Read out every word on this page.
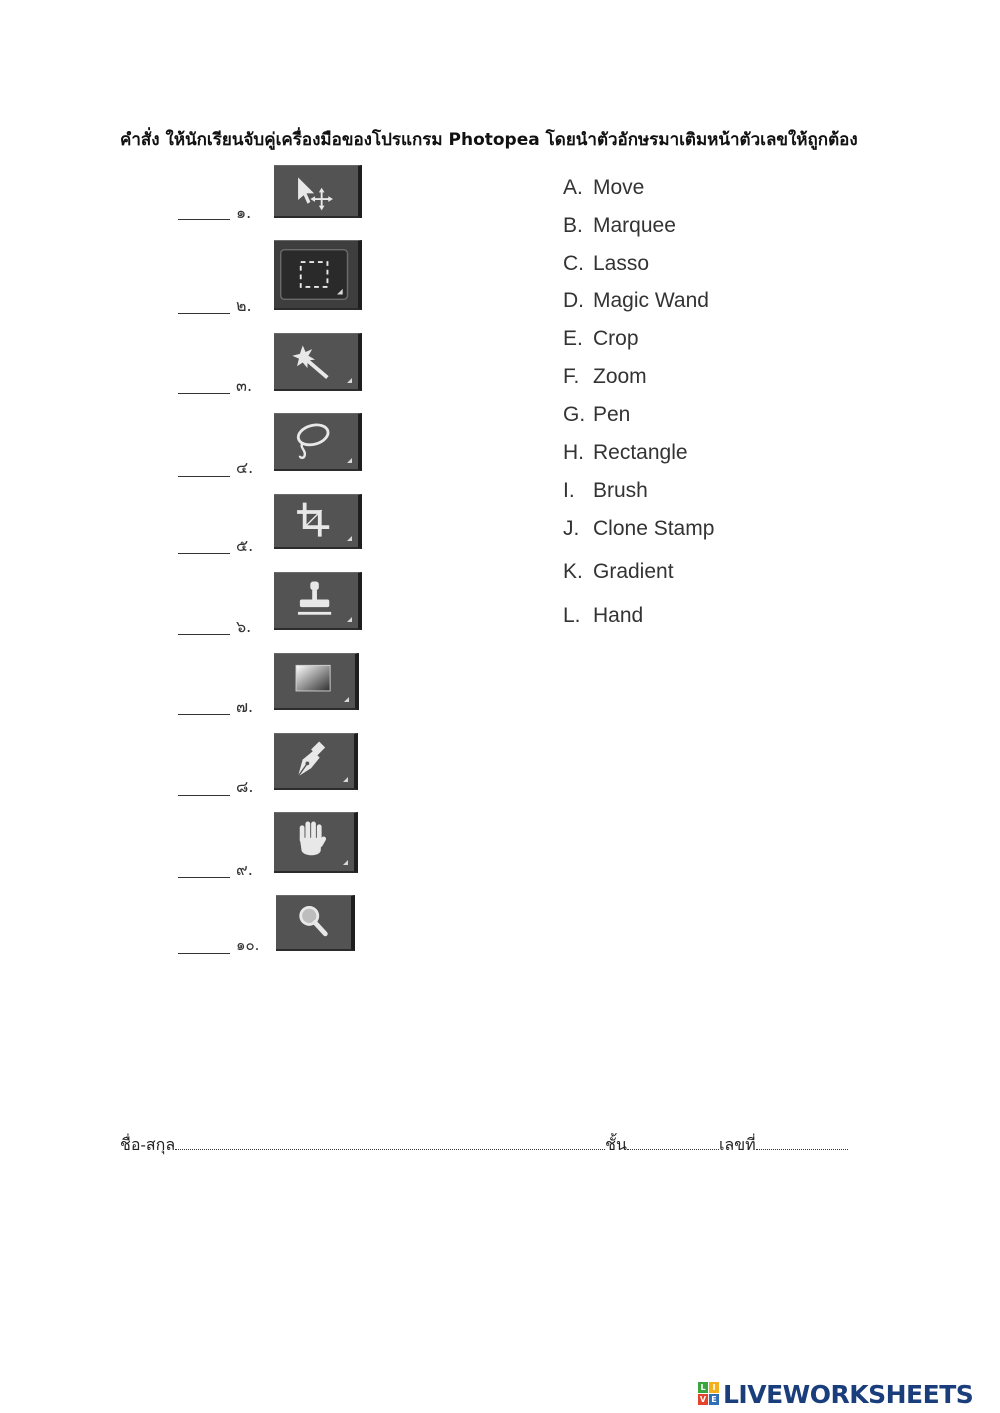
คำสั่ง ให้นักเรียนจับคู่เครื่องมือของโปรแกรม Photopea โดยนำตัวอักษรมาเติมหน้าตัวเลขให้ถูกต้อง
๑.
๒.
๓.
๔.
๕.
๖.
๗.
๘.
๙.
๑๐.
A. Move
B. Marquee
C. Lasso
D. Magic Wand
E. Crop
F. Zoom
G. Pen
H. Rectangle
I. Brush
J. Clone Stamp
K. Gradient
L. Hand
ชื่อ-สกุล	ชั้น	เลขที่
L I
V E LIVEWORKSHEETS
